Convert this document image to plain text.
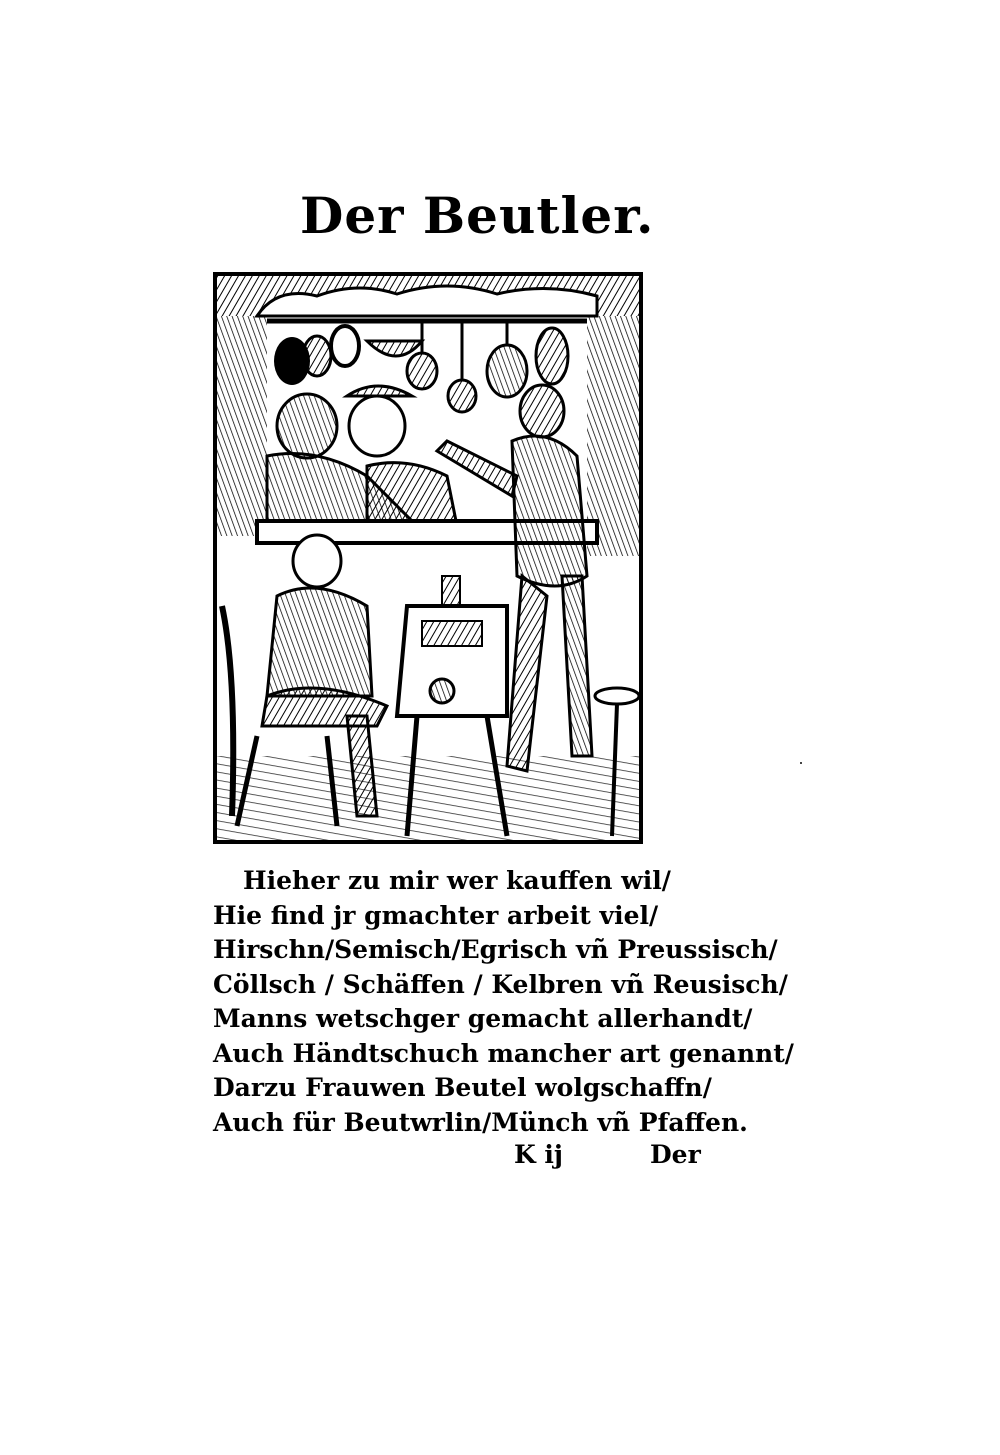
Der Beutler.
Hieher zu mir wer kauffen wil/
Hie find jr gmachter arbeit viel/
Hirschn/Semisch/Egrisch vñ Preussisch/
Cöllsch / Schäffen / Kelbren vñ Reusisch/
Manns wetschger gemacht allerhandt/
Auch Händtschuch mancher art genannt/
Darzu Frauwen Beutel wolgschaffn/
Auch für Beutwrlin/Münch vñ Pfaffen.
K ij	Der
